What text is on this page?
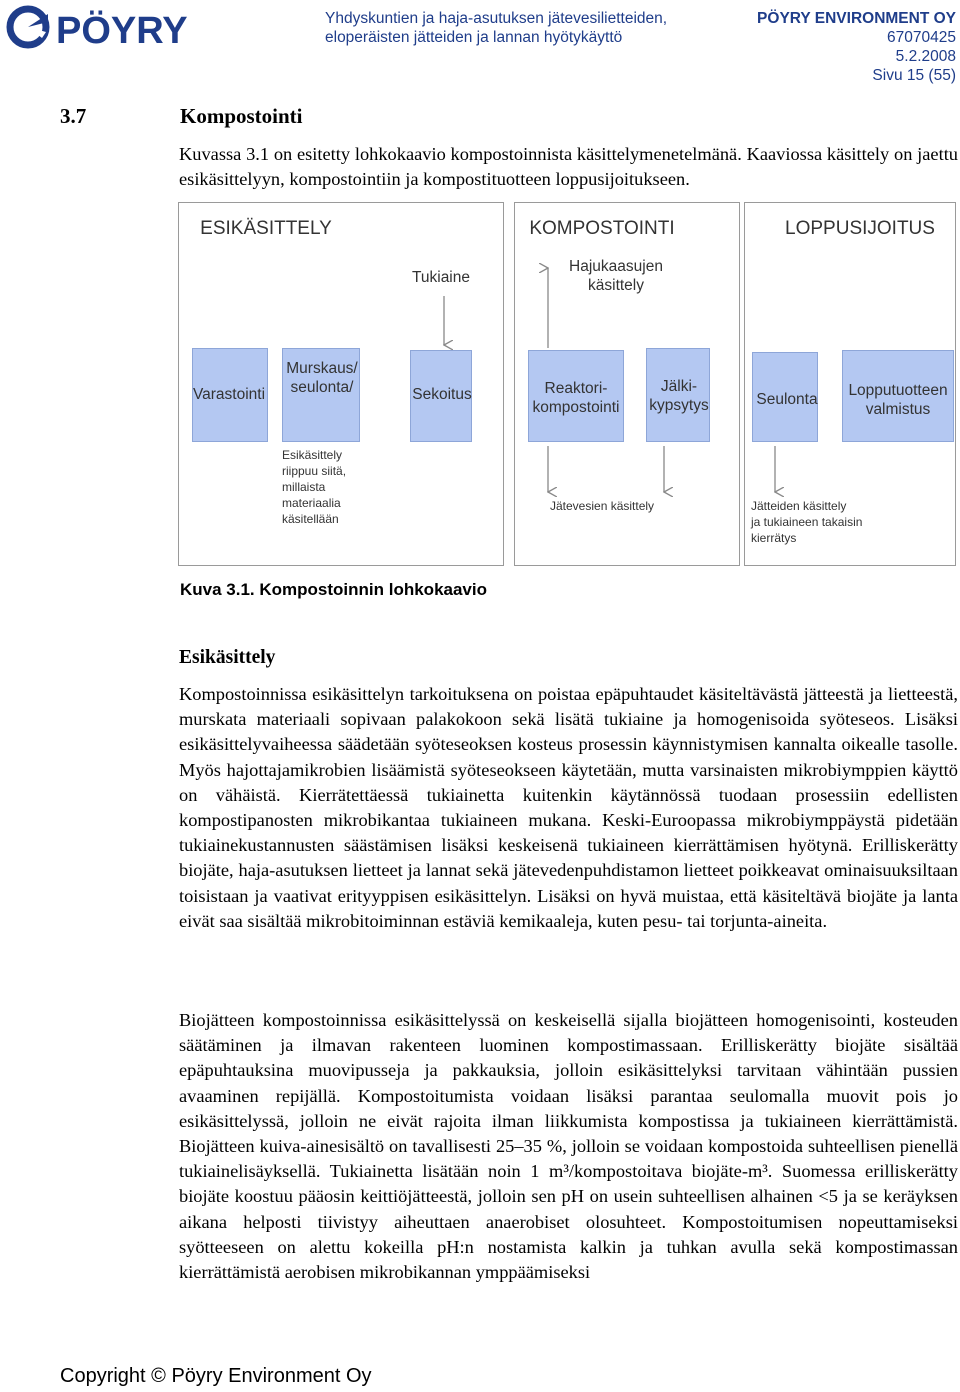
PÖYRY	Yhdyskuntien ja haja-asutuksen jätevesilietteiden,
eloperäisten jätteiden ja lannan hyötykäyttö
PÖYRY ENVIRONMENT OY
67070425
5.2.2008
Sivu 15 (55)
3.7	Kompostointi
Kuvassa 3.1 on esitetty lohkokaavio kompostoinnista käsittelymenetelmänä. Kaaviossa käsittely on jaettu esikäsittelyyn, kompostointiin ja kompostituotteen loppusijoitukseen.
ESIKÄSITTELY	KOMPOSTOINTI	LOPPUSIJOITUS
Tukiaine
Hajukaasujen
käsittely
Varastointi
Murskaus/
seulonta/	Sekoitus	Reaktori-
kompostointi
Jälki-
kypsytys	Seulonta
Lopputuotteen
valmistus
Esikäsittely
riippuu siitä,
millaista
materiaalia
käsitellään
Jätevesien käsittely	Jätteiden käsittely
ja tukiaineen takaisin
kierrätys
Kuva 3.1. Kompostoinnin lohkokaavio
Esikäsittely
Kompostoinnissa esikäsittelyn tarkoituksena on poistaa epäpuhtaudet käsiteltävästä jätteestä ja lietteestä, murskata materiaali sopivaan palakokoon sekä lisätä tukiaine ja homogenisoida syöteseos. Lisäksi esikäsittelyvaiheessa säädetään syöteseoksen kosteus prosessin käynnistymisen kannalta oikealle tasolle. Myös hajottajamikrobien lisäämistä syöteseokseen käytetään, mutta varsinaisten mikrobiymppien käyttö on vähäistä. Kierrätettäessä tukiainetta kuitenkin käytännössä tuodaan prosessiin edellisten kompostipanosten mikrobikantaa tukiaineen mukana. Keski-Euroopassa mikrobiymppäystä pidetään tukiainekustannusten säästämisen lisäksi keskeisenä tukiaineen kierrättämisen hyötynä. Erilliskerätty biojäte, haja-asutuksen lietteet ja lannat sekä jätevedenpuhdistamon lietteet poikkeavat ominaisuuksiltaan toisistaan ja vaativat erityyppisen esikäsittelyn. Lisäksi on hyvä muistaa, että käsiteltävä biojäte ja lanta eivät saa sisältää mikrobitoiminnan estäviä kemikaaleja, kuten pesu- tai torjunta-aineita.
Biojätteen kompostoinnissa esikäsittelyssä on keskeisellä sijalla biojätteen homogenisointi, kosteuden säätäminen ja ilmavan rakenteen luominen kompostimassaan. Erilliskerätty biojäte sisältää epäpuhtauksina muovipusseja ja pakkauksia, jolloin esikäsittelyksi tarvitaan vähintään pussien avaaminen repijällä. Kompostoitumista voidaan lisäksi parantaa seulomalla muovit pois jo esikäsittelyssä, jolloin ne eivät rajoita ilman liikkumista kompostissa ja tukiaineen kierrättämistä. Biojätteen kuiva-ainesisältö on tavallisesti 25–35 %, jolloin se voidaan kompostoida suhteellisen pienellä tukiainelisäyksellä. Tukiainetta lisätään noin 1 m³/kompostoitava biojäte-m³. Suomessa erilliskerätty biojäte koostuu pääosin keittiöjätteestä, jolloin sen pH on usein suhteellisen alhainen <5 ja se keräyksen aikana helposti tiivistyy aiheuttaen anaerobiset olosuhteet. Kompostoitumisen nopeuttamiseksi syötteeseen on alettu kokeilla pH:n nostamista kalkin ja tuhkan avulla sekä kompostimassan kierrättämistä aerobisen mikrobikannan ymppäämiseksi
Copyright © Pöyry Environment Oy
